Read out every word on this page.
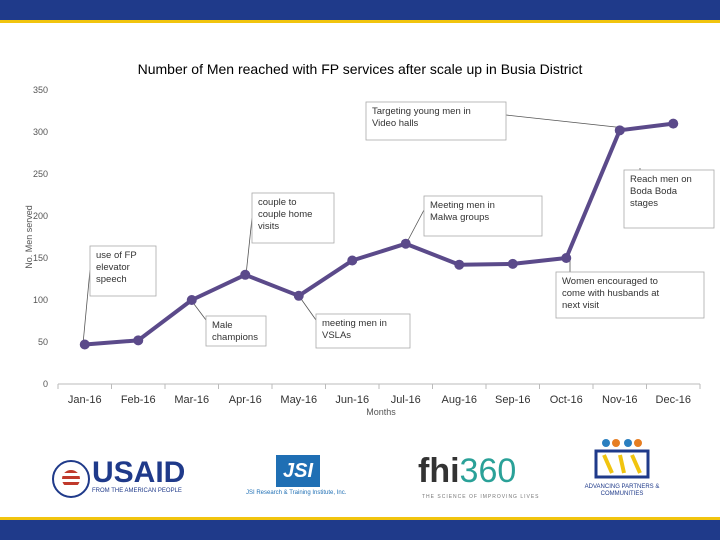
Number of Men reached with FP services after scale up in Busia District
0
50
100
150
200
250
300
350
Jan-16 Feb-16 Mar-16 Apr-16 May-16 Jun-16 Jul-16 Aug-16 Sep-16 Oct-16 Nov-16 Dec-16
No. Men served
Months
Targeting young men in
Video halls
Reach men on
Boda Boda
stages
couple to
couple home
visits
Meeting men in
Malwa groups
use of FP
elevator
speech	Women encouraged to
come with husbands at
next visit
Male
champions
meeting men in
VSLAs
USAID
FROM THE AMERICAN PEOPLE
JSI
JSI Research & Training Institute, Inc.
fhi360
THE SCIENCE OF IMPROVING LIVES
ADVANCING PARTNERS & COMMUNITIES
